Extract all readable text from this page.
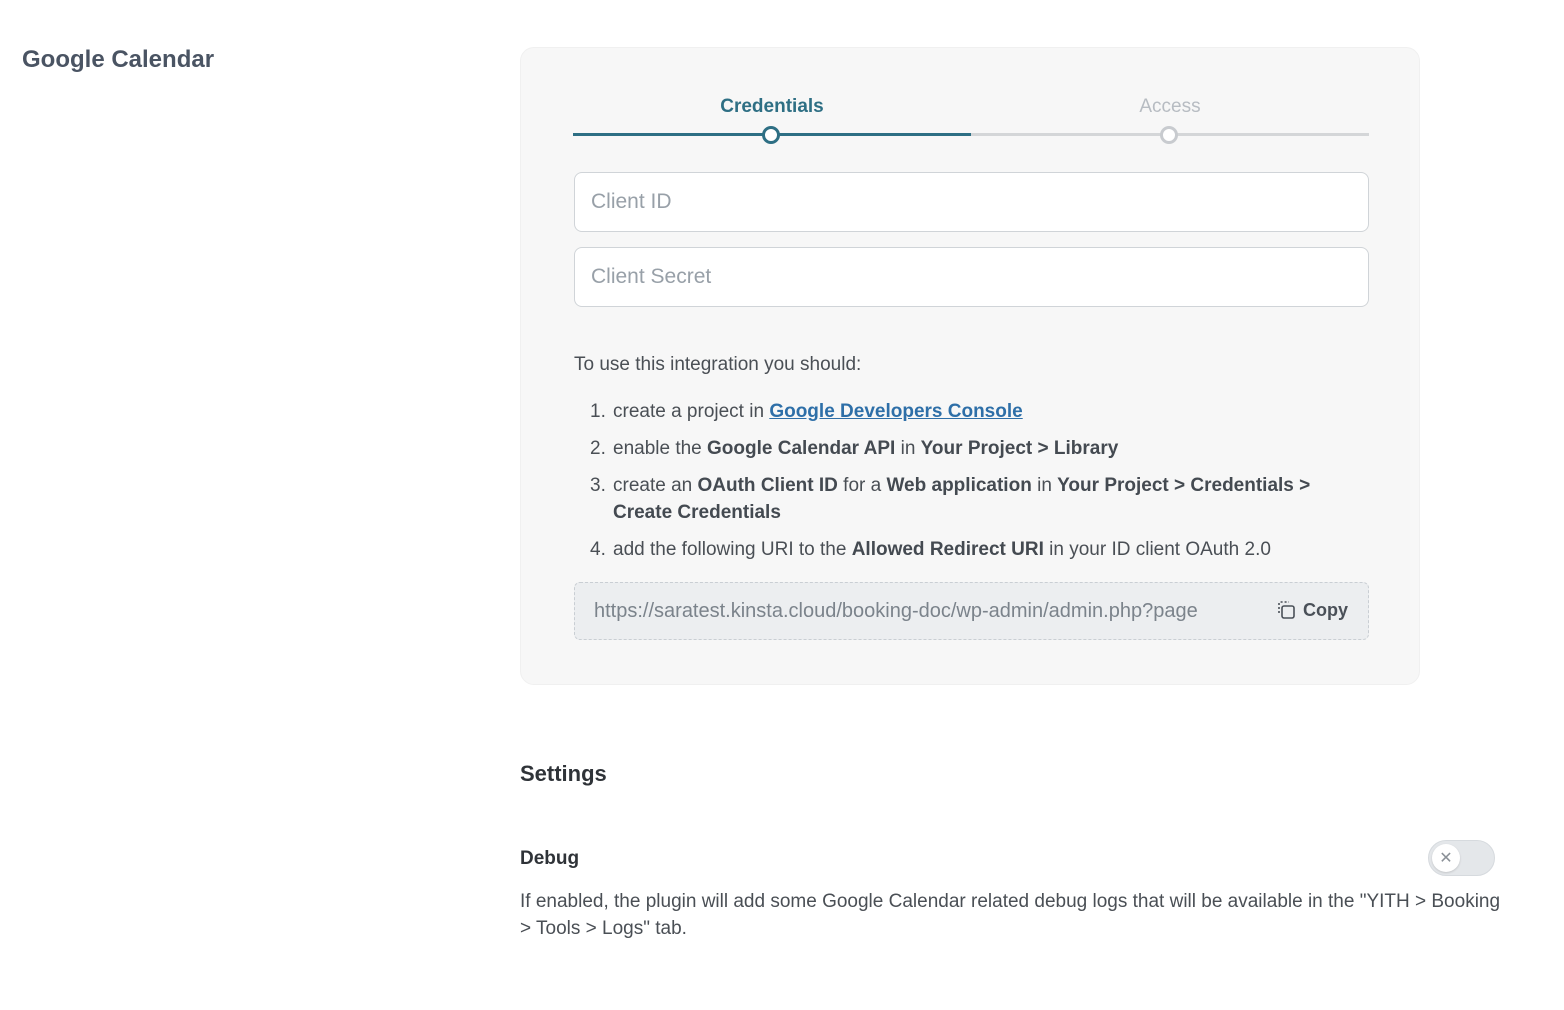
Google Calendar
Credentials	Access
Client ID
Client Secret
To use this integration you should:
1. create a project in Google Developers Console
2. enable the Google Calendar API in Your Project > Library
3. create an OAuth Client ID for a Web application in Your Project > Credentials > Create Credentials
4. add the following URI to the Allowed Redirect URI in your ID client OAuth 2.0
https://saratest.kinsta.cloud/booking-doc/wp-admin/admin.php?page	Copy
Settings
Debug	✕
If enabled, the plugin will add some Google Calendar related debug logs that will be available in the "YITH > Booking > Tools > Logs" tab.
